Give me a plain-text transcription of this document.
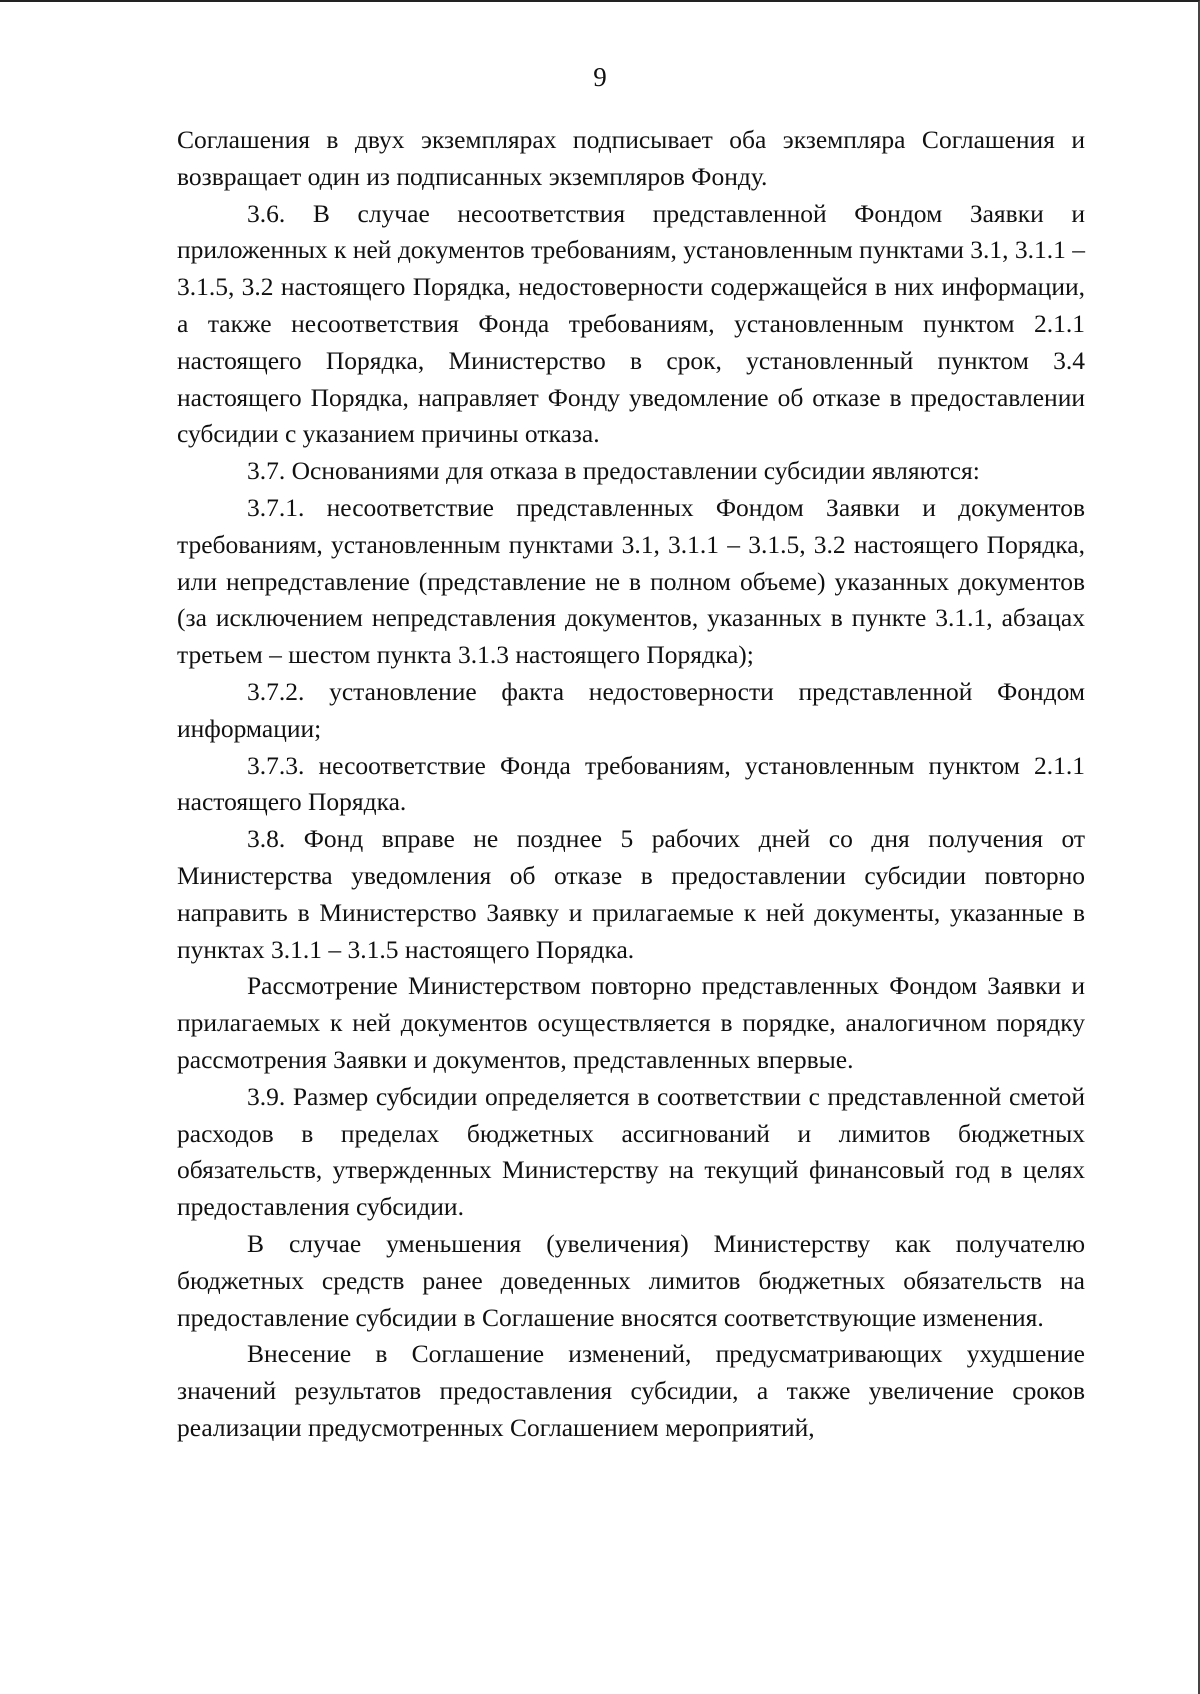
9

Соглашения в двух экземплярах подписывает оба экземпляра Соглашения и возвращает один из подписанных экземпляров Фонду.

3.6. В случае несоответствия представленной Фондом Заявки и приложенных к ней документов требованиям, установленным пунктами 3.1, 3.1.1 – 3.1.5, 3.2 настоящего Порядка, недостоверности содержащейся в них информации, а также несоответствия Фонда требованиям, установленным пунктом 2.1.1 настоящего Порядка, Министерство в срок, установленный пунктом 3.4 настоящего Порядка, направляет Фонду уведомление об отказе в предоставлении субсидии с указанием причины отказа.

3.7. Основаниями для отказа в предоставлении субсидии являются:

3.7.1. несоответствие представленных Фондом Заявки и документов требованиям, установленным пунктами 3.1, 3.1.1 – 3.1.5, 3.2 настоящего Порядка, или непредставление (представление не в полном объеме) указанных документов (за исключением непредставления документов, указанных в пункте 3.1.1, абзацах третьем – шестом пункта 3.1.3 настоящего Порядка);

3.7.2. установление факта недостоверности представленной Фондом информации;

3.7.3. несоответствие Фонда требованиям, установленным пунктом 2.1.1 настоящего Порядка.

3.8. Фонд вправе не позднее 5 рабочих дней со дня получения от Министерства уведомления об отказе в предоставлении субсидии повторно направить в Министерство Заявку и прилагаемые к ней документы, указанные в пунктах 3.1.1 – 3.1.5 настоящего Порядка.

Рассмотрение Министерством повторно представленных Фондом Заявки и прилагаемых к ней документов осуществляется в порядке, аналогичном порядку рассмотрения Заявки и документов, представленных впервые.

3.9. Размер субсидии определяется в соответствии с представленной сметой расходов в пределах бюджетных ассигнований и лимитов бюджетных обязательств, утвержденных Министерству на текущий финансовый год в целях предоставления субсидии.

В случае уменьшения (увеличения) Министерству как получателю бюджетных средств ранее доведенных лимитов бюджетных обязательств на предоставление субсидии в Соглашение вносятся соответствующие изменения.

Внесение в Соглашение изменений, предусматривающих ухудшение значений результатов предоставления субсидии, а также увеличение сроков реализации предусмотренных Соглашением мероприятий,
